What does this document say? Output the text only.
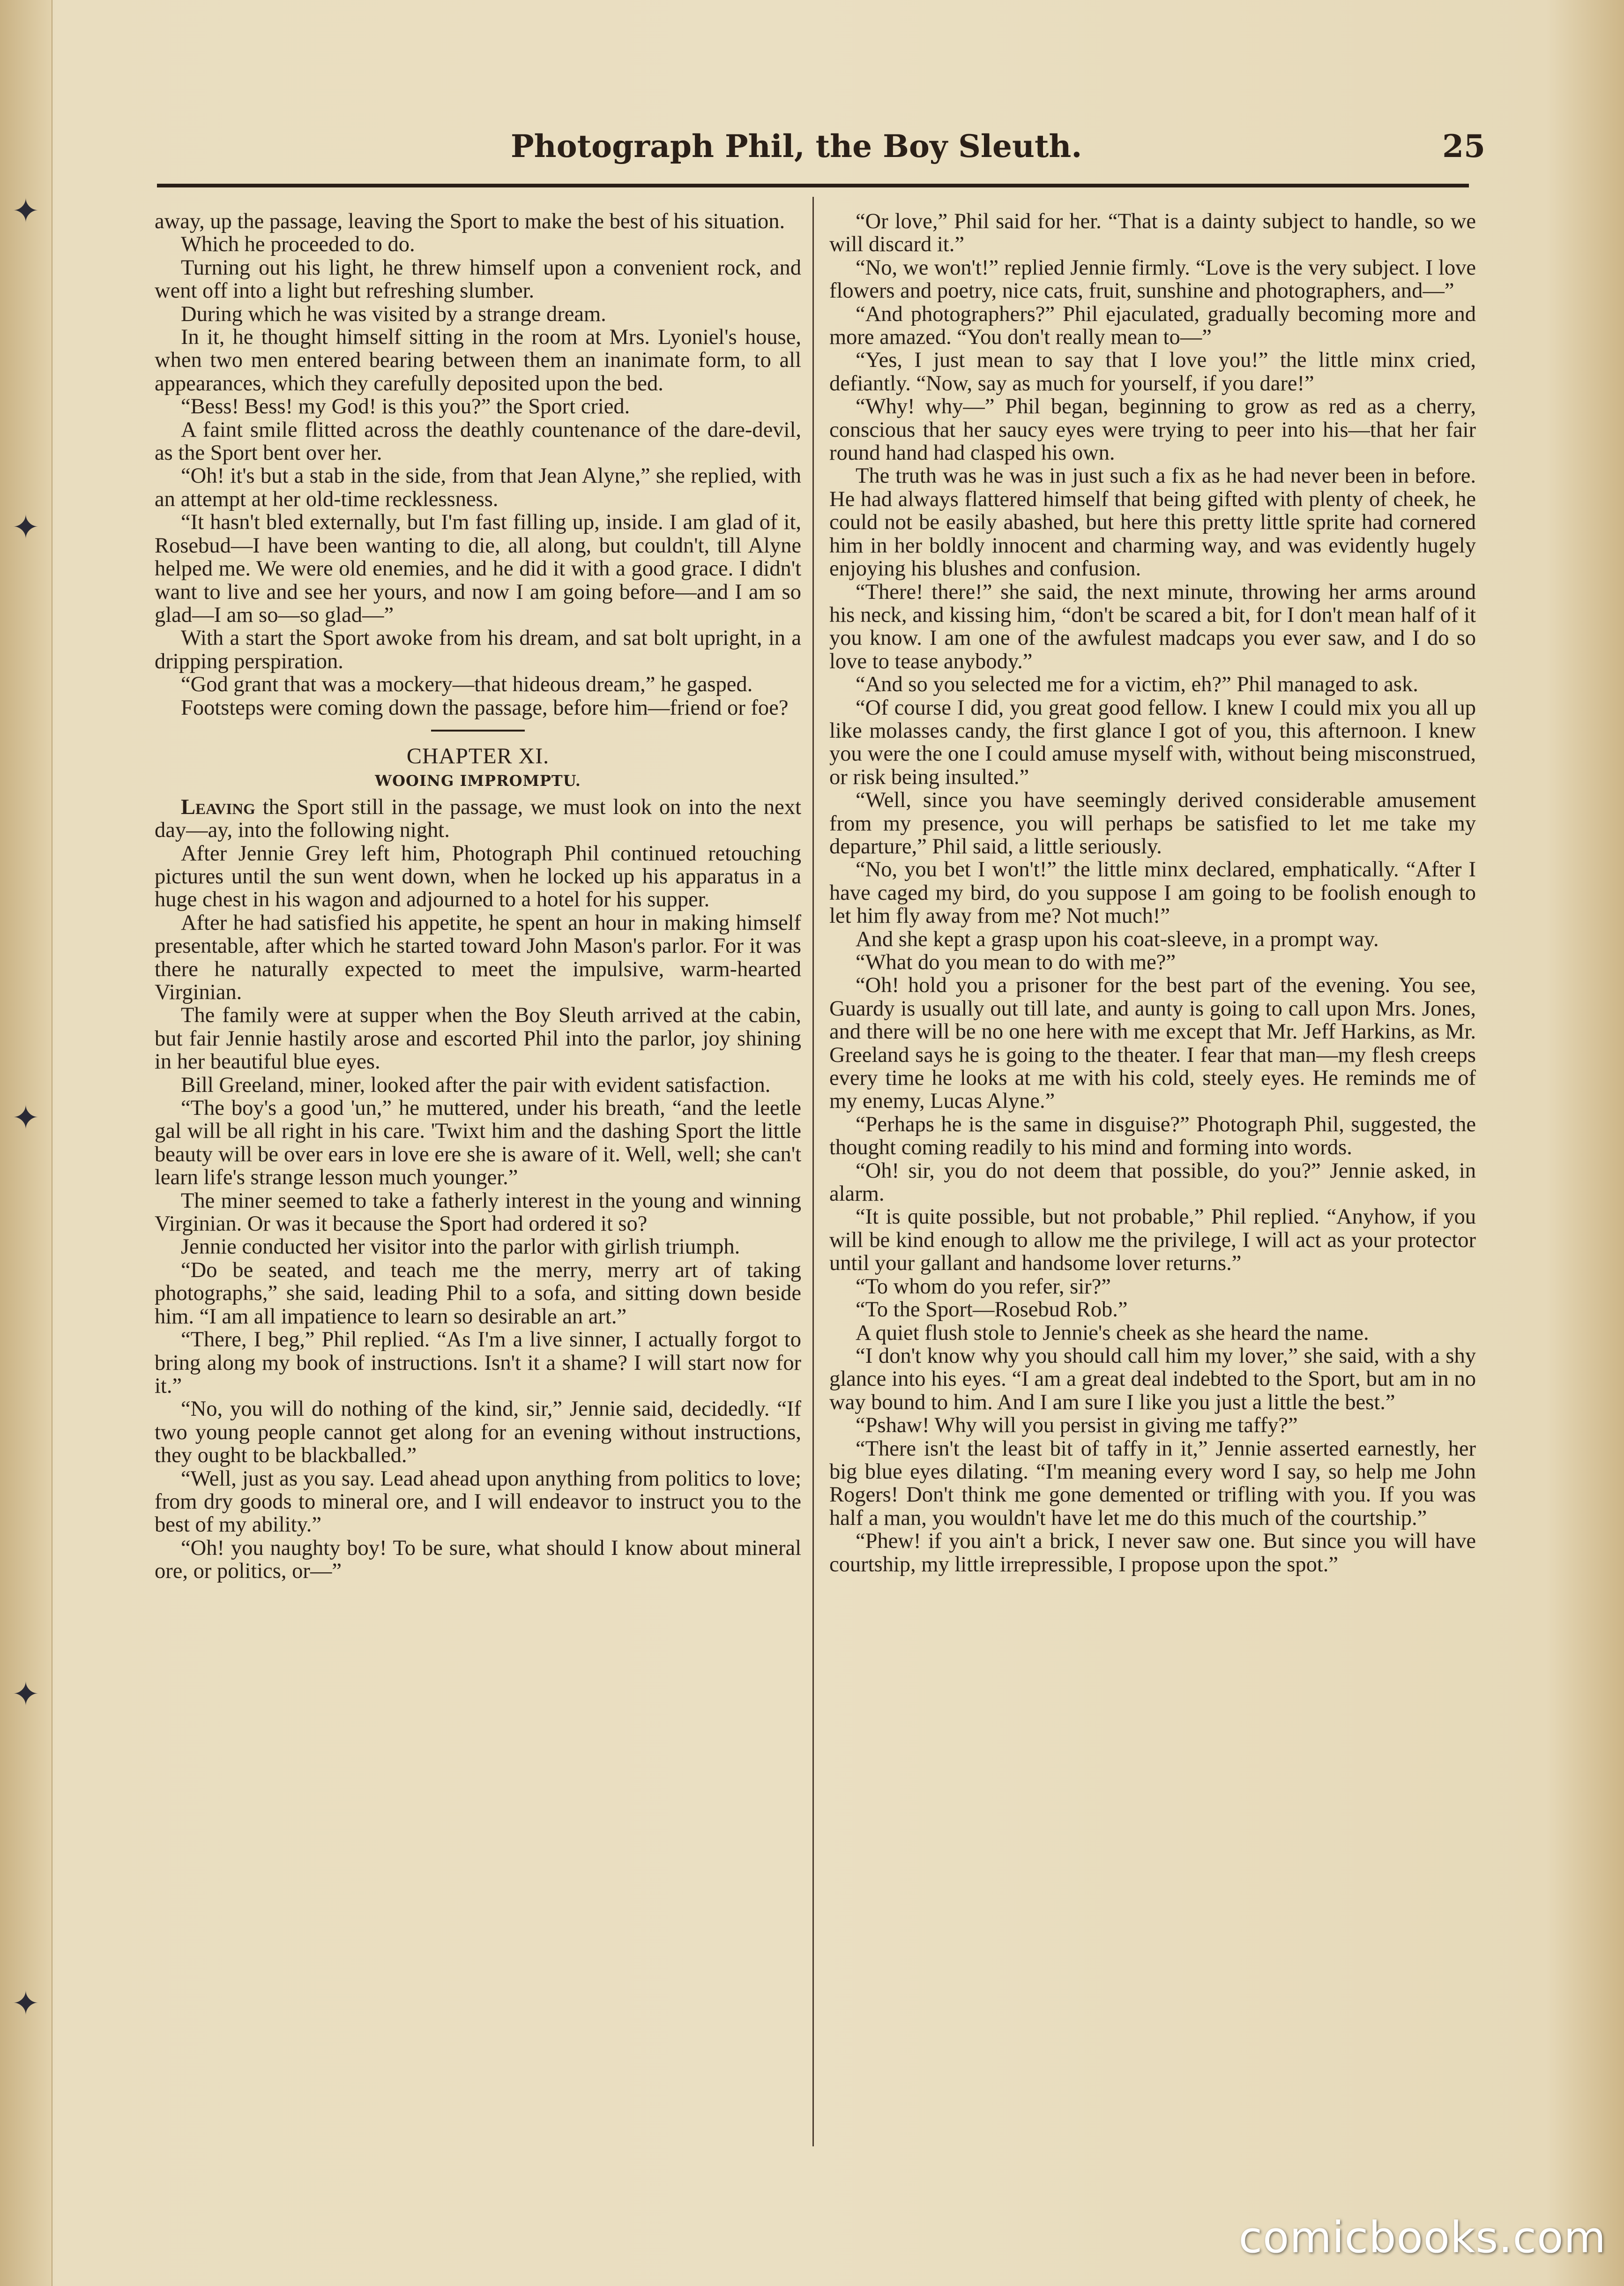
✦
✦
✦
✦
✦
Photograph Phil, the Boy Sleuth.	25

away, up the passage, leaving the Sport to make the best of his situation.

Which he proceeded to do.

Turning out his light, he threw himself upon a convenient rock, and went off into a light but refreshing slumber.

During which he was visited by a strange dream.

In it, he thought himself sitting in the room at Mrs. Lyoniel's house, when two men entered bearing between them an inanimate form, to all appearances, which they carefully deposited upon the bed.

“Bess! Bess! my God! is this you?” the Sport cried.

A faint smile flitted across the deathly countenance of the dare-devil, as the Sport bent over her.

“Oh! it's but a stab in the side, from that Jean Alyne,” she replied, with an attempt at her old-time recklessness.

“It hasn't bled externally, but I'm fast filling up, inside. I am glad of it, Rosebud—I have been wanting to die, all along, but couldn't, till Alyne helped me. We were old enemies, and he did it with a good grace. I didn't want to live and see her yours, and now I am going before—and I am so glad—I am so—so glad—”

With a start the Sport awoke from his dream, and sat bolt upright, in a dripping perspiration.

“God grant that was a mockery—that hideous dream,” he gasped.

Footsteps were coming down the passage, before him—friend or foe?

CHAPTER XI.

WOOING IMPROMPTU.

Leaving the Sport still in the passage, we must look on into the next day—ay, into the following night.

After Jennie Grey left him, Photograph Phil continued retouching pictures until the sun went down, when he locked up his apparatus in a huge chest in his wagon and adjourned to a hotel for his supper.

After he had satisfied his appetite, he spent an hour in making himself presentable, after which he started toward John Mason's parlor. For it was there he naturally expected to meet the impulsive, warm-hearted Virginian.

The family were at supper when the Boy Sleuth arrived at the cabin, but fair Jennie hastily arose and escorted Phil into the parlor, joy shining in her beautiful blue eyes.

Bill Greeland, miner, looked after the pair with evident satisfaction.

“The boy's a good 'un,” he muttered, under his breath, “and the leetle gal will be all right in his care. 'Twixt him and the dashing Sport the little beauty will be over ears in love ere she is aware of it. Well, well; she can't learn life's strange lesson much younger.”

The miner seemed to take a fatherly interest in the young and winning Virginian. Or was it because the Sport had ordered it so?

Jennie conducted her visitor into the parlor with girlish triumph.

“Do be seated, and teach me the merry, merry art of taking photographs,” she said, leading Phil to a sofa, and sitting down beside him. “I am all impatience to learn so desirable an art.”

“There, I beg,” Phil replied. “As I'm a live sinner, I actually forgot to bring along my book of instructions. Isn't it a shame? I will start now for it.”

“No, you will do nothing of the kind, sir,” Jennie said, decidedly. “If two young people cannot get along for an evening without instructions, they ought to be blackballed.”

“Well, just as you say. Lead ahead upon anything from politics to love; from dry goods to mineral ore, and I will endeavor to instruct you to the best of my ability.”

“Oh! you naughty boy! To be sure, what should I know about mineral ore, or politics, or—”

“Or love,” Phil said for her. “That is a dainty subject to handle, so we will discard it.”

“No, we won't!” replied Jennie firmly. “Love is the very subject. I love flowers and poetry, nice cats, fruit, sunshine and photographers, and—”

“And photographers?” Phil ejaculated, gradually becoming more and more amazed. “You don't really mean to—”

“Yes, I just mean to say that I love you!” the little minx cried, defiantly. “Now, say as much for yourself, if you dare!”

“Why! why—” Phil began, beginning to grow as red as a cherry, conscious that her saucy eyes were trying to peer into his—that her fair round hand had clasped his own.

The truth was he was in just such a fix as he had never been in before. He had always flattered himself that being gifted with plenty of cheek, he could not be easily abashed, but here this pretty little sprite had cornered him in her boldly innocent and charming way, and was evidently hugely enjoying his blushes and confusion.

“There! there!” she said, the next minute, throwing her arms around his neck, and kissing him, “don't be scared a bit, for I don't mean half of it you know. I am one of the awfulest madcaps you ever saw, and I do so love to tease anybody.”

“And so you selected me for a victim, eh?” Phil managed to ask.

“Of course I did, you great good fellow. I knew I could mix you all up like molasses candy, the first glance I got of you, this afternoon. I knew you were the one I could amuse myself with, without being misconstrued, or risk being insulted.”

“Well, since you have seemingly derived considerable amusement from my presence, you will perhaps be satisfied to let me take my departure,” Phil said, a little seriously.

“No, you bet I won't!” the little minx declared, emphatically. “After I have caged my bird, do you suppose I am going to be foolish enough to let him fly away from me? Not much!”

And she kept a grasp upon his coat-sleeve, in a prompt way.

“What do you mean to do with me?”

“Oh! hold you a prisoner for the best part of the evening. You see, Guardy is usually out till late, and aunty is going to call upon Mrs. Jones, and there will be no one here with me except that Mr. Jeff Harkins, as Mr. Greeland says he is going to the theater. I fear that man—my flesh creeps every time he looks at me with his cold, steely eyes. He reminds me of my enemy, Lucas Alyne.”

“Perhaps he is the same in disguise?” Photograph Phil, suggested, the thought coming readily to his mind and forming into words.

“Oh! sir, you do not deem that possible, do you?” Jennie asked, in alarm.

“It is quite possible, but not probable,” Phil replied. “Anyhow, if you will be kind enough to allow me the privilege, I will act as your protector until your gallant and handsome lover returns.”

“To whom do you refer, sir?”

“To the Sport—Rosebud Rob.”

A quiet flush stole to Jennie's cheek as she heard the name.

“I don't know why you should call him my lover,” she said, with a shy glance into his eyes. “I am a great deal indebted to the Sport, but am in no way bound to him. And I am sure I like you just a little the best.”

“Pshaw! Why will you persist in giving me taffy?”

“There isn't the least bit of taffy in it,” Jennie asserted earnestly, her big blue eyes dilating. “I'm meaning every word I say, so help me John Rogers! Don't think me gone demented or trifling with you. If you was half a man, you wouldn't have let me do this much of the courtship.”

“Phew! if you ain't a brick, I never saw one. But since you will have courtship, my little irrepressible, I propose upon the spot.”

comicbooks.com
